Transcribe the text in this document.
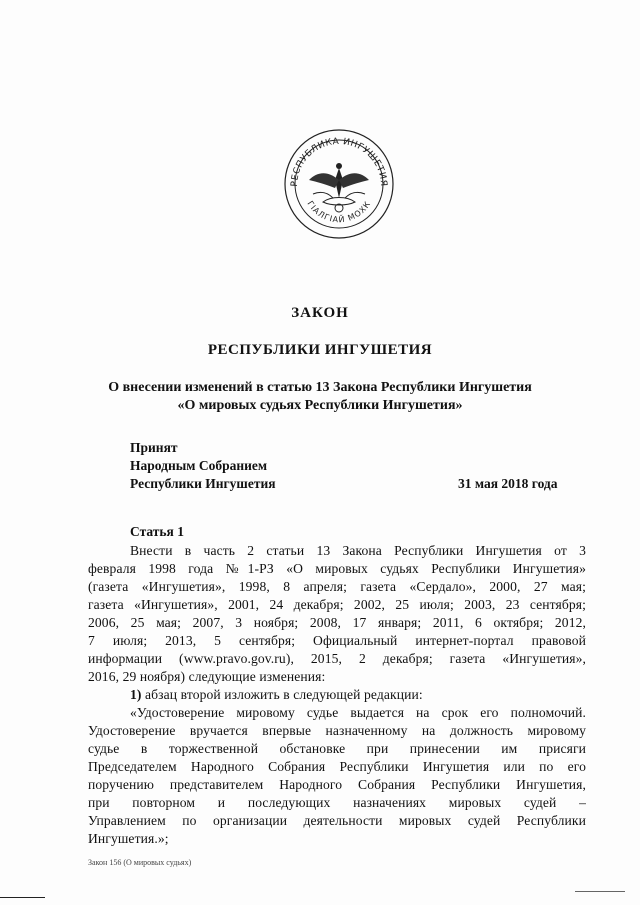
РЕСПУБЛИКА ИНГУШЕТИЯ
ГIАЛГIАЙ МОХК
ЗАКОН
РЕСПУБЛИКИ ИНГУШЕТИЯ
О внесении изменений в статью 13 Закона Республики Ингушетия
«О мировых судьях Республики Ингушетия»
Принят
Народным Собранием
Республики Ингушетия	31 мая 2018 года
Статья 1
Внести в часть 2 статьи 13 Закона Республики Ингушетия от 3
февраля 1998 года №1-РЗ «О мировых судьях Республики Ингушетия»
(газета «Ингушетия», 1998, 8 апреля; газета «Сердало», 2000, 27 мая;
газета «Ингушетия», 2001, 24 декабря; 2002, 25 июля; 2003, 23 сентября;
2006, 25 мая; 2007, 3 ноября; 2008, 17 января; 2011, 6 октября; 2012,
7 июля; 2013, 5 сентября; Официальный интернет-портал правовой
информации (www.pravo.gov.ru), 2015, 2 декабря; газета «Ингушетия»,
2016, 29 ноября) следующие изменения:
1) абзац второй изложить в следующей редакции:
«Удостоверение мировому судье выдается на срок его полномочий.
Удостоверение вручается впервые назначенному на должность мировому
судье в торжественной обстановке при принесении им присяги
Председателем Народного Собрания Республики Ингушетия или по его
поручению представителем Народного Собрания Республики Ингушетия,
при повторном и последующих назначениях мировых судей –
Управлением по организации деятельности мировых судей Республики
Ингушетия.»;
Закон 156 (О мировых судьях)
